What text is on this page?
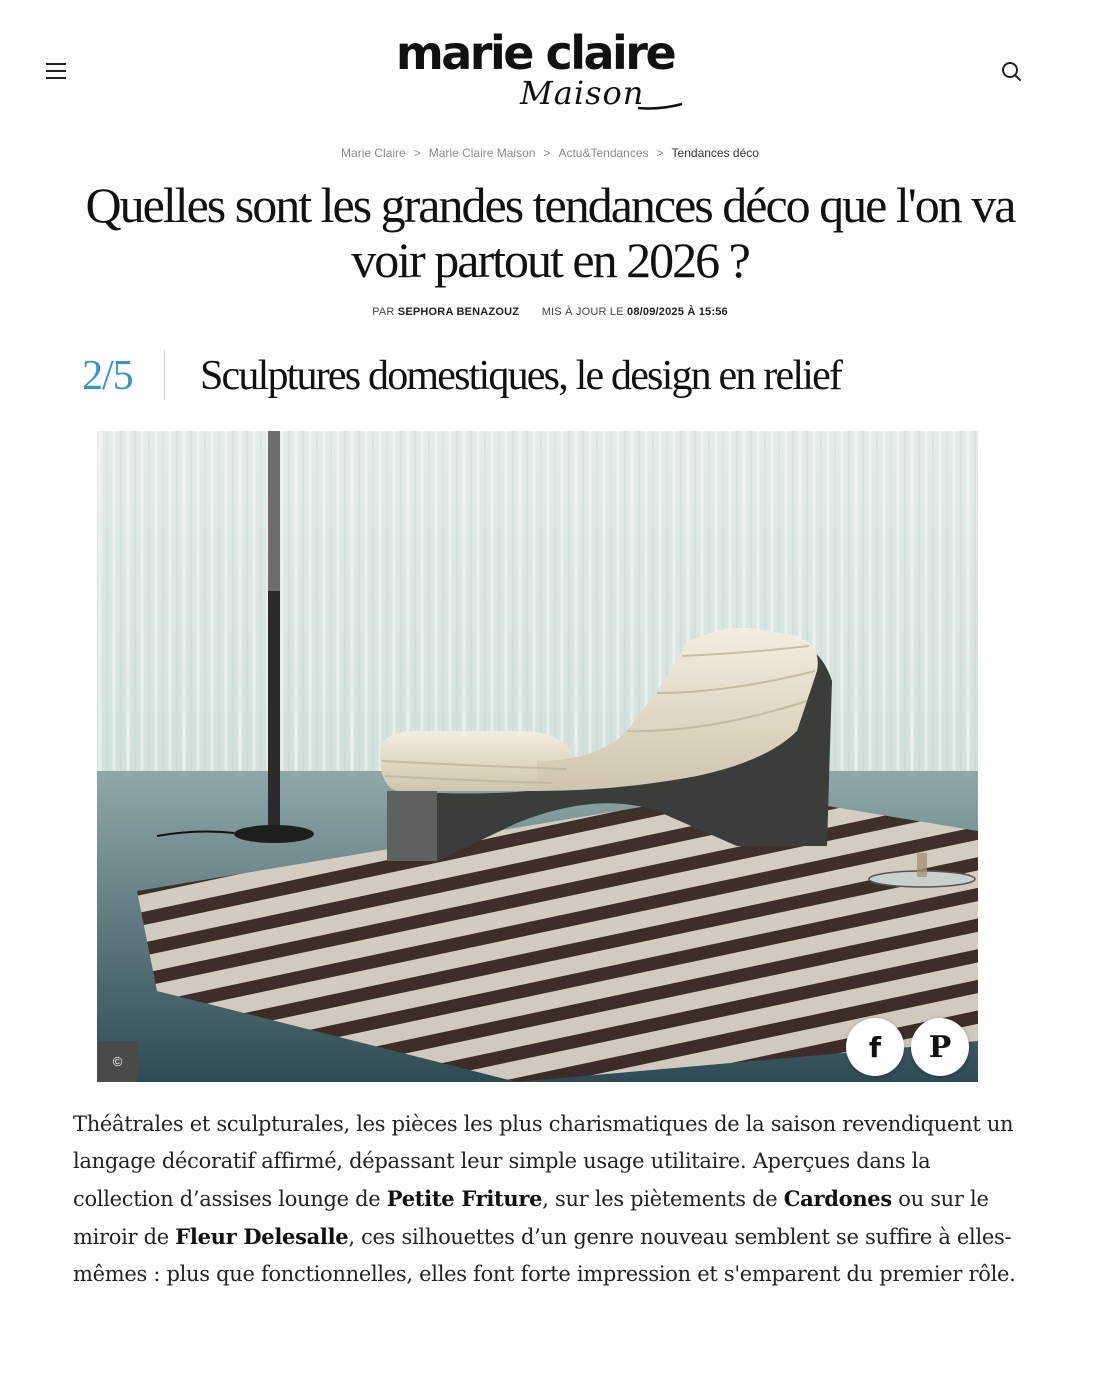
marie claire
Maison
Marie Claire > Marie Claire Maison > Actu&Tendances > Tendances déco
Quelles sont les grandes tendances déco que l'on va voir partout en 2026 ?
PAR SEPHORA BENAZOUZ MIS À JOUR LE 08/09/2025 À 15:56
2/5 Sculptures domestiques, le design en relief
©	f P

Théâtrales et sculpturales, les pièces les plus charismatiques de la saison revendiquent un langage décoratif affirmé, dépassant leur simple usage utilitaire. Aperçues dans la collection d’assises lounge de Petite Friture, sur les piètements de Cardones ou sur le miroir de Fleur Delesalle, ces silhouettes d’un genre nouveau semblent se suffire à elles-mêmes : plus que fonctionnelles, elles font forte impression et s'emparent du premier rôle.
